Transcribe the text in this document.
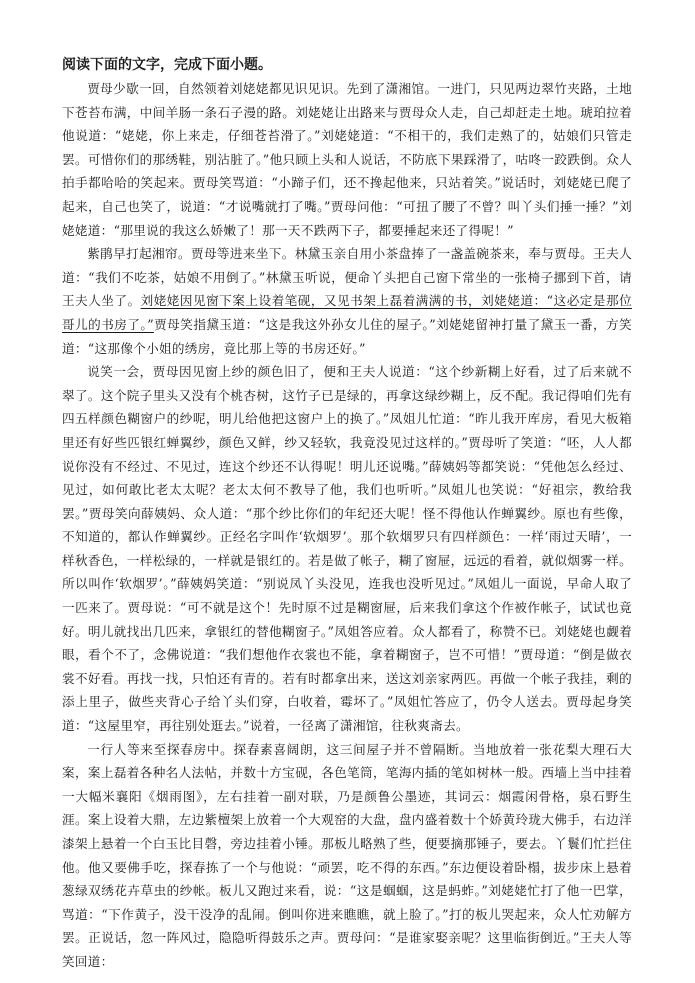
阅读下面的文字，完成下面小题。

贾母少歇一回，自然领着刘姥姥都见识见识。先到了潇湘馆。一进门，只见两边翠竹夹路，土地下苍苔布满，中间羊肠一条石子漫的路。刘姥姥让出路来与贾母众人走，自己却赶走土地。琥珀拉着他说道：“姥姥，你上来走，仔细苍苔滑了。”刘姥姥道：“不相干的，我们走熟了的，姑娘们只管走罢。可惜你们的那绣鞋，别沾脏了。”他只顾上头和人说话，不防底下果踩滑了，咕咚一跤跌倒。众人拍手都哈哈的笑起来。贾母笑骂道：“小蹄子们，还不搀起他来，只站着笑。”说话时，刘姥姥已爬了起来，自己也笑了，说道：“才说嘴就打了嘴。”贾母问他：“可扭了腰了不曾？叫丫头们捶一捶？”刘姥姥道：“那里说的我这么娇嫩了！那一天不跌两下子，都要捶起来还了得呢！”

紫鹃早打起湘帘。贾母等进来坐下。林黛玉亲自用小茶盘捧了一盏盖碗茶来，奉与贾母。王夫人道：“我们不吃茶，姑娘不用倒了。”林黛玉听说，便命丫头把自己窗下常坐的一张椅子挪到下首，请王夫人坐了。刘姥姥因见窗下案上设着笔砚，又见书架上磊着满满的书，刘姥姥道：“这必定是那位哥儿的书房了。”贾母笑指黛玉道：“这是我这外孙女儿住的屋子。”刘姥姥留神打量了黛玉一番，方笑道：“这那像个小姐的绣房，竟比那上等的书房还好。”

说笑一会，贾母因见窗上纱的颜色旧了，便和王夫人说道：“这个纱新糊上好看，过了后来就不翠了。这个院子里头又没有个桃杏树，这竹子已是绿的，再拿这绿纱糊上，反不配。我记得咱们先有四五样颜色糊窗户的纱呢，明儿给他把这窗户上的换了。”凤姐儿忙道：“昨儿我开库房，看见大板箱里还有好些匹银红蝉翼纱，颜色又鲜，纱又轻软，我竟没见过这样的。”贾母听了笑道：“呸，人人都说你没有不经过、不见过，连这个纱还不认得呢！明儿还说嘴。”薛姨妈等都笑说：“凭他怎么经过、见过，如何敢比老太太呢？老太太何不教导了他，我们也听听。”凤姐儿也笑说：“好祖宗，教给我罢。”贾母笑向薛姨妈、众人道：“那个纱比你们的年纪还大呢！怪不得他认作蝉翼纱。原也有些像，不知道的，都认作蝉翼纱。正经名字叫作‘软烟罗’。那个软烟罗只有四样颜色：一样‘雨过天晴’，一样秋香色，一样松绿的，一样就是银红的。若是做了帐子，糊了窗屉，远远的看着，就似烟雾一样。所以叫作‘软烟罗’。”薛姨妈笑道：“别说凤丫头没见，连我也没听见过。”凤姐儿一面说，早命人取了一匹来了。贾母说：“可不就是这个！先时原不过是糊窗屉，后来我们拿这个作被作帐子，试试也竟好。明儿就找出几匹来，拿银红的替他糊窗子。”凤姐答应着。众人都看了，称赞不已。刘姥姥也觑着眼，看个不了，念佛说道：“我们想他作衣裳也不能，拿着糊窗子，岂不可惜！”贾母道：“倒是做衣裳不好看。再找一找，只怕还有青的。若有时都拿出来，送这刘亲家两匹。再做一个帐子我挂，剩的添上里子，做些夹背心子给丫头们穿，白收着，霉坏了。”凤姐忙答应了，仍令人送去。贾母起身笑道：“这屋里窄，再往别处逛去。”说着，一径离了潇湘馆，往秋爽斋去。

一行人等来至探春房中。探春素喜阔朗，这三间屋子并不曾隔断。当地放着一张花梨大理石大案，案上磊着各种名人法帖，并数十方宝砚，各色笔筒，笔海内插的笔如树林一般。西墙上当中挂着一大幅米襄阳《烟雨图》，左右挂着一副对联，乃是颜鲁公墨迹，其词云：烟霞闲骨格，泉石野生涯。案上设着大鼎，左边紫檀架上放着一个大观窑的大盘，盘内盛着数十个娇黄玲珑大佛手，右边洋漆架上悬着一个白玉比目磬，旁边挂着小锤。那板儿略熟了些，便要摘那锤子，要去。丫鬟们忙拦住他。他又要佛手吃，探春拣了一个与他说：“顽罢，吃不得的东西。”东边便设着卧榻，拔步床上悬着葱绿双绣花卉草虫的纱帐。板儿又跑过来看，说：“这是蝈蝈，这是蚂蚱。”刘姥姥忙打了他一巴掌，骂道：“下作黄子，没干没净的乱闹。倒叫你进来瞧瞧，就上脸了。”打的板儿哭起来，众人忙劝解方罢。正说话，忽一阵风过，隐隐听得鼓乐之声。贾母问：“是谁家娶亲呢？这里临街倒近。”王夫人等笑回道：
